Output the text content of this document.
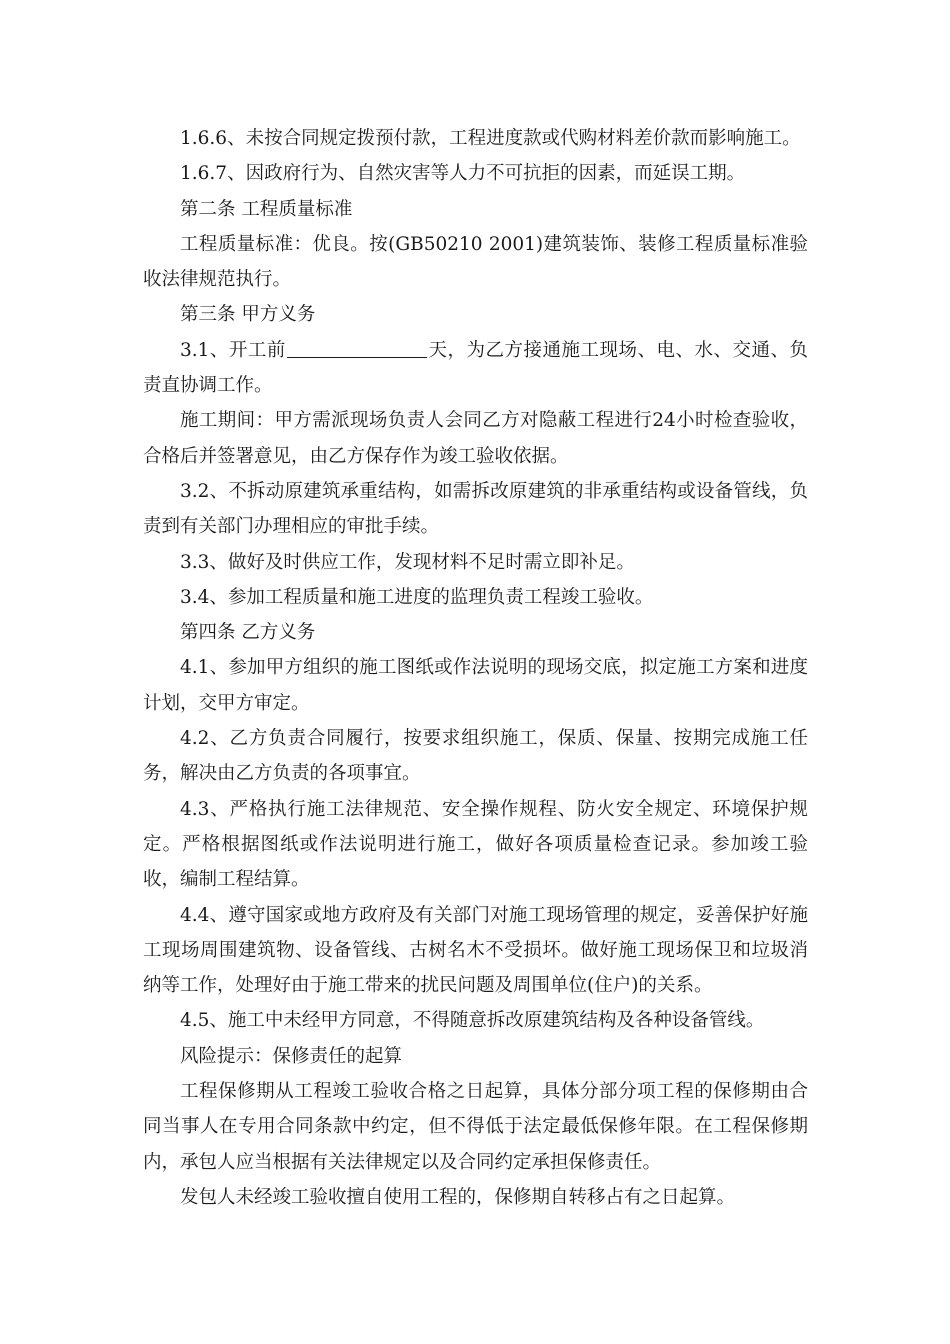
1.6.6、未按合同规定拨预付款，工程进度款或代购材料差价款而影响施工。

1.6.7、因政府行为、自然灾害等人力不可抗拒的因素，而延误工期。

第二条 工程质量标准

工程质量标准：优良。按(GB50210 2001)建筑装饰、装修工程质量标准验收法律规范执行。

第三条 甲方义务

3.1、开工前	天，为乙方接通施工现场、电、水、交通、负责直协调工作。

施工期间：甲方需派现场负责人会同乙方对隐蔽工程进行24小时检查验收，合格后并签署意见，由乙方保存作为竣工验收依据。

3.2、不拆动原建筑承重结构，如需拆改原建筑的非承重结构或设备管线，负责到有关部门办理相应的审批手续。

3.3、做好及时供应工作，发现材料不足时需立即补足。

3.4、参加工程质量和施工进度的监理负责工程竣工验收。

第四条 乙方义务

4.1、参加甲方组织的施工图纸或作法说明的现场交底，拟定施工方案和进度计划，交甲方审定。

4.2、乙方负责合同履行，按要求组织施工，保质、保量、按期完成施工任务，解决由乙方负责的各项事宜。

4.3、严格执行施工法律规范、安全操作规程、防火安全规定、环境保护规定。严格根据图纸或作法说明进行施工，做好各项质量检查记录。参加竣工验收，编制工程结算。

4.4、遵守国家或地方政府及有关部门对施工现场管理的规定，妥善保护好施工现场周围建筑物、设备管线、古树名木不受损坏。做好施工现场保卫和垃圾消纳等工作，处理好由于施工带来的扰民问题及周围单位(住户)的关系。

4.5、施工中未经甲方同意，不得随意拆改原建筑结构及各种设备管线。

风险提示：保修责任的起算

工程保修期从工程竣工验收合格之日起算，具体分部分项工程的保修期由合同当事人在专用合同条款中约定，但不得低于法定最低保修年限。在工程保修期内，承包人应当根据有关法律规定以及合同约定承担保修责任。

发包人未经竣工验收擅自使用工程的，保修期自转移占有之日起算。
